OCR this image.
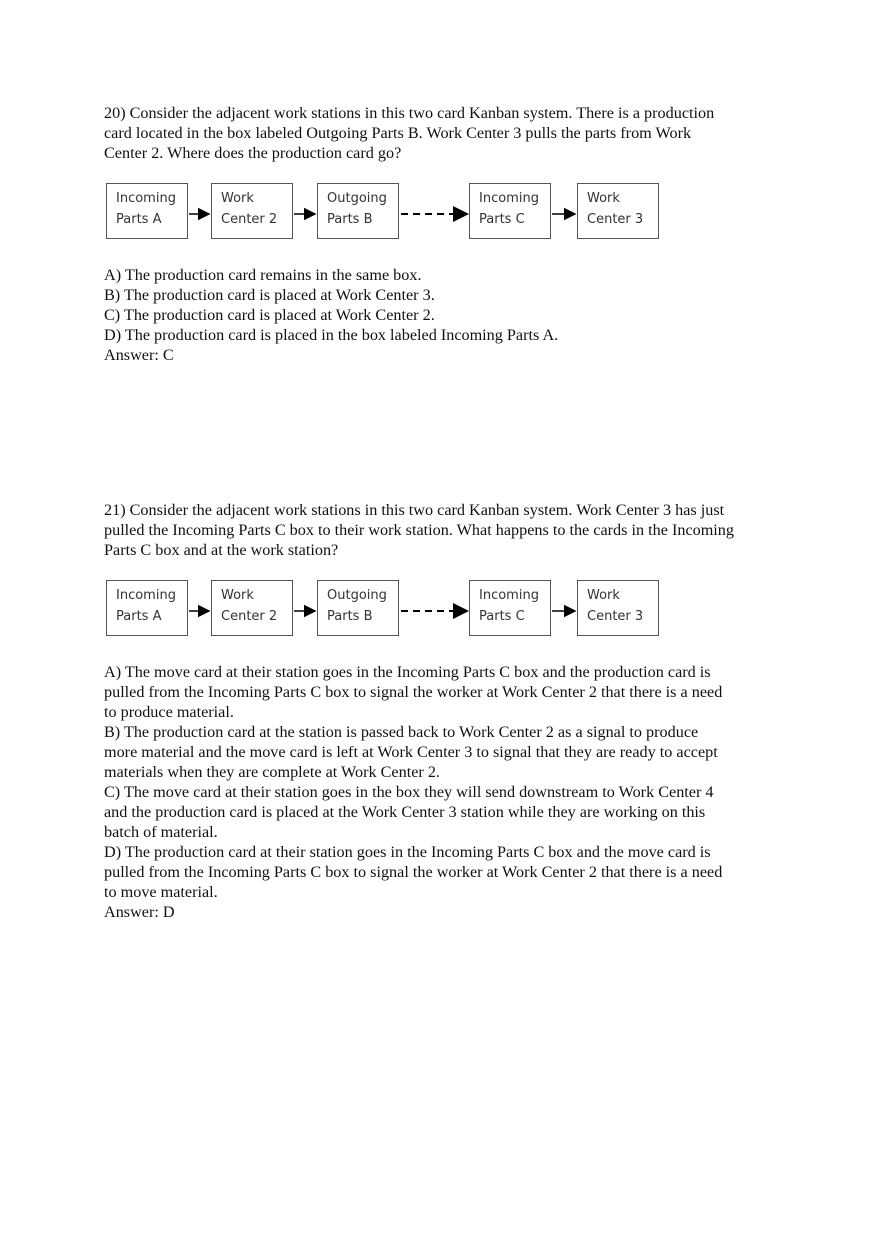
20) Consider the adjacent work stations in this two card Kanban system. There is a production

card located in the box labeled Outgoing Parts B. Work Center 3 pulls the parts from Work

Center 2. Where does the production card go?

Incoming
Parts A
Work
Center 2
Outgoing
Parts B
Incoming
Parts C
Work
Center 3

A) The production card remains in the same box.

B) The production card is placed at Work Center 3.

C) The production card is placed at Work Center 2.

D) The production card is placed in the box labeled Incoming Parts A.

Answer: C

21) Consider the adjacent work stations in this two card Kanban system. Work Center 3 has just

pulled the Incoming Parts C box to their work station. What happens to the cards in the Incoming

Parts C box and at the work station?

Incoming
Parts A
Work
Center 2
Outgoing
Parts B
Incoming
Parts C
Work
Center 3

A) The move card at their station goes in the Incoming Parts C box and the production card is

pulled from the Incoming Parts C box to signal the worker at Work Center 2 that there is a need

to produce material.

B) The production card at the station is passed back to Work Center 2 as a signal to produce

more material and the move card is left at Work Center 3 to signal that they are ready to accept

materials when they are complete at Work Center 2.

C) The move card at their station goes in the box they will send downstream to Work Center 4

and the production card is placed at the Work Center 3 station while they are working on this

batch of material.

D) The production card at their station goes in the Incoming Parts C box and the move card is

pulled from the Incoming Parts C box to signal the worker at Work Center 2 that there is a need

to move material.

Answer: D
